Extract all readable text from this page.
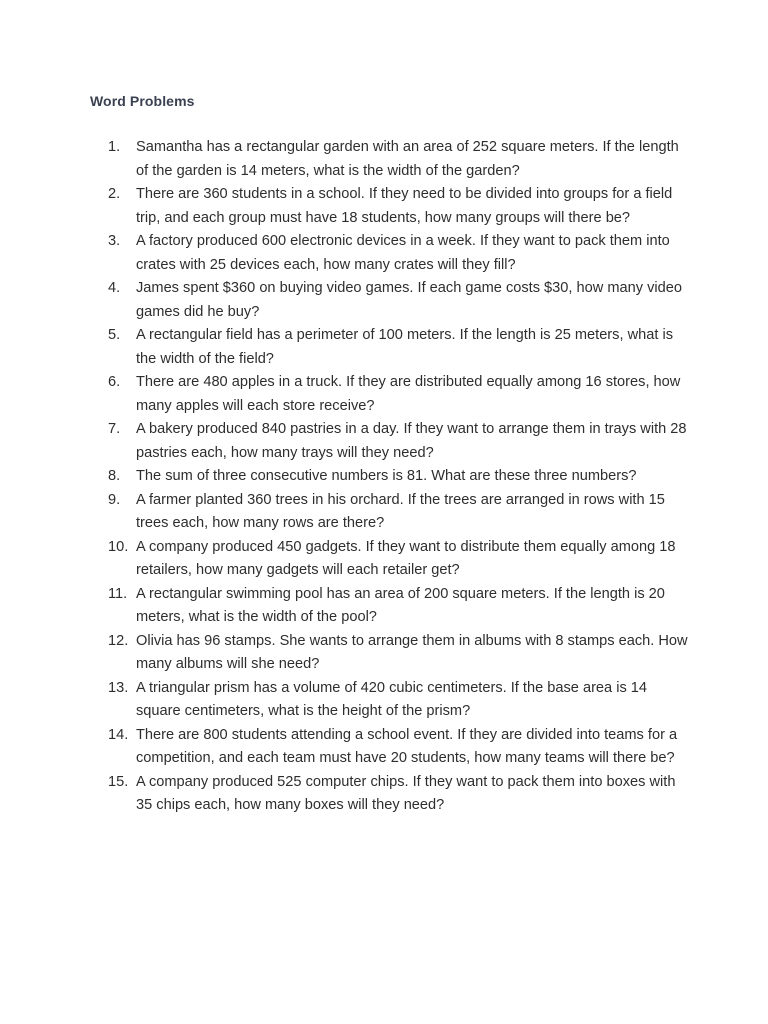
Word Problems
1.	Samantha has a rectangular garden with an area of 252 square meters. If the length of the garden is 14 meters, what is the width of the garden?
2.	There are 360 students in a school. If they need to be divided into groups for a field trip, and each group must have 18 students, how many groups will there be?
3.	A factory produced 600 electronic devices in a week. If they want to pack them into crates with 25 devices each, how many crates will they fill?
4.	James spent $360 on buying video games. If each game costs $30, how many video games did he buy?
5.	A rectangular field has a perimeter of 100 meters. If the length is 25 meters, what is the width of the field?
6.	There are 480 apples in a truck. If they are distributed equally among 16 stores, how many apples will each store receive?
7.	A bakery produced 840 pastries in a day. If they want to arrange them in trays with 28 pastries each, how many trays will they need?
8.	The sum of three consecutive numbers is 81. What are these three numbers?
9.	A farmer planted 360 trees in his orchard. If the trees are arranged in rows with 15 trees each, how many rows are there?
10. A company produced 450 gadgets. If they want to distribute them equally among 18 retailers, how many gadgets will each retailer get?
11. A rectangular swimming pool has an area of 200 square meters. If the length is 20 meters, what is the width of the pool?
12. Olivia has 96 stamps. She wants to arrange them in albums with 8 stamps each. How many albums will she need?
13. A triangular prism has a volume of 420 cubic centimeters. If the base area is 14 square centimeters, what is the height of the prism?
14. There are 800 students attending a school event. If they are divided into teams for a competition, and each team must have 20 students, how many teams will there be?
15. A company produced 525 computer chips. If they want to pack them into boxes with 35 chips each, how many boxes will they need?
